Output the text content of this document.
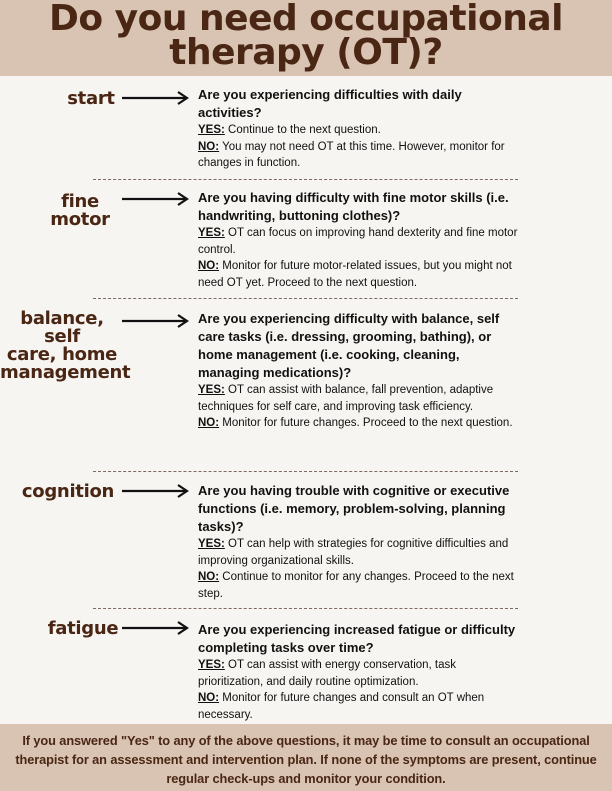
Do you need occupational
therapy (OT)?
start	Are you experiencing difficulties with daily activities?

YES: Continue to the next question.

NO: You may not need OT at this time. However, monitor for changes in function.

fine
motor
Are you having difficulty with fine motor skills (i.e. handwriting, buttoning clothes)?

YES: OT can focus on improving hand dexterity and fine motor control.

NO: Monitor for future motor-related issues, but you might not need OT yet. Proceed to the next question.

balance, self
care, home
management
Are you experiencing difficulty with balance, self care tasks (i.e. dressing, grooming, bathing), or home management (i.e. cooking, cleaning, managing medications)?

YES: OT can assist with balance, fall prevention, adaptive techniques for self care, and improving task efficiency.

NO: Monitor for future changes. Proceed to the next question.

cognition	Are you having trouble with cognitive or executive functions (i.e. memory, problem-solving, planning tasks)?

YES: OT can help with strategies for cognitive difficulties and improving organizational skills.

NO: Continue to monitor for any changes. Proceed to the next step.

fatigue	Are you experiencing increased fatigue or difficulty completing tasks over time?

YES: OT can assist with energy conservation, task prioritization, and daily routine optimization.

NO: Monitor for future changes and consult an OT when necessary.

If you answered "Yes" to any of the above questions, it may be time to consult an occupational therapist for an assessment and intervention plan. If none of the symptoms are present, continue regular check-ups and monitor your condition.
